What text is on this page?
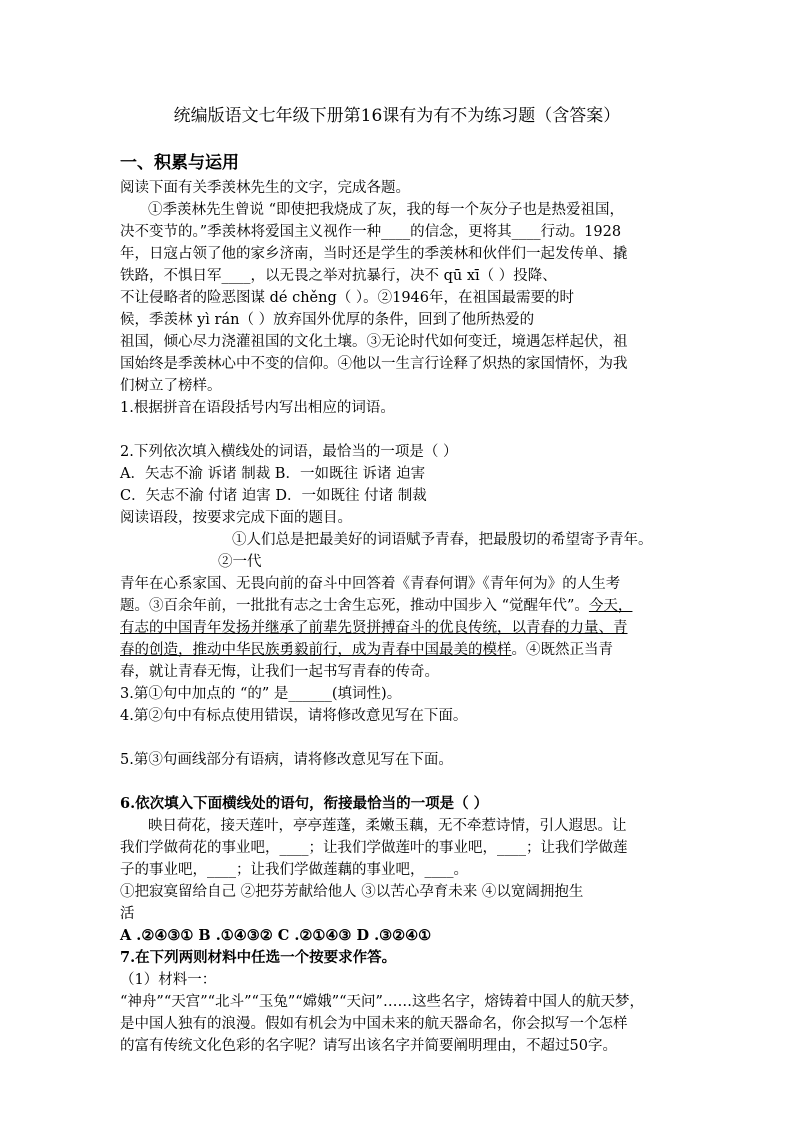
统编版语文七年级下册第16课有为有不为练习题（含答案）
一、积累与运用
阅读下面有关季羡林先生的文字，完成各题。
①季羡林先生曾说 “即使把我烧成了灰，我的每一个灰分子也是热爱祖国，
决不变节的。”季羡林将爱国主义视作一种____的信念，更将其____行动。1928
年，日寇占领了他的家乡济南，当时还是学生的季羡林和伙伴们一起发传单、撬
铁路，不惧日军____，以无畏之举对抗暴行，决不 qū xī（ ）投降、
不让侵略者的险恶图谋 dé chěng（ ）。②1946年，在祖国最需要的时
候，季羡林 yì rán（ ）放弃国外优厚的条件，回到了他所热爱的
祖国，倾心尽力浇灌祖国的文化土壤。③无论时代如何变迁，境遇怎样起伏，祖
国始终是季羡林心中不变的信仰。④他以一生言行诠释了炽热的家国情怀，为我
们树立了榜样。
1.根据拼音在语段括号内写出相应的词语。
2.下列依次填入横线处的词语，最恰当的一项是（ ）
A．矢志不渝 诉诸 制裁 B．一如既往 诉诸 迫害
C．矢志不渝 付诸 迫害 D．一如既往 付诸 制裁
阅读语段，按要求完成下面的题目。
①人们总是把最美好的词语赋予青春，把最殷切的希望寄予青年。
②一代
青年在心系家国、无畏向前的奋斗中回答着《青春何谓》《青年何为》的人生考
题。③百余年前，一批批有志之士舍生忘死，推动中国步入 “觉醒年代”。今天，
有志的中国青年发扬并继承了前辈先贤拼搏奋斗的优良传统，以青春的力量、青
春的创造，推动中华民族勇毅前行，成为青春中国最美的模样。④既然正当青
春，就让青春无悔，让我们一起书写青春的传奇。
3.第①句中加点的 “的” 是______(填词性)。
4.第②句中有标点使用错误，请将修改意见写在下面。
5.第③句画线部分有语病，请将修改意见写在下面。
6.依次填入下面横线处的语句，衔接最恰当的一项是（ ）
映日荷花，接天莲叶，亭亭莲蓬，柔嫩玉藕，无不牵惹诗情，引人遐思。让
我们学做荷花的事业吧，____；让我们学做莲叶的事业吧，____；让我们学做莲
子的事业吧，____；让我们学做莲藕的事业吧，____。
①把寂寞留给自己 ②把芬芳献给他人 ③以苦心孕育未来 ④以宽阔拥抱生
活
A .②④③① B .①④③② C .②①④③ D .③②④①
7.在下列两则材料中任选一个按要求作答。
（1）材料一：
“神舟”“天宫”“北斗”“玉兔”“嫦娥”“天问”……这些名字，熔铸着中国人的航天梦，
是中国人独有的浪漫。假如有机会为中国未来的航天器命名，你会拟写一个怎样
的富有传统文化色彩的名字呢？请写出该名字并简要阐明理由，不超过50字。
